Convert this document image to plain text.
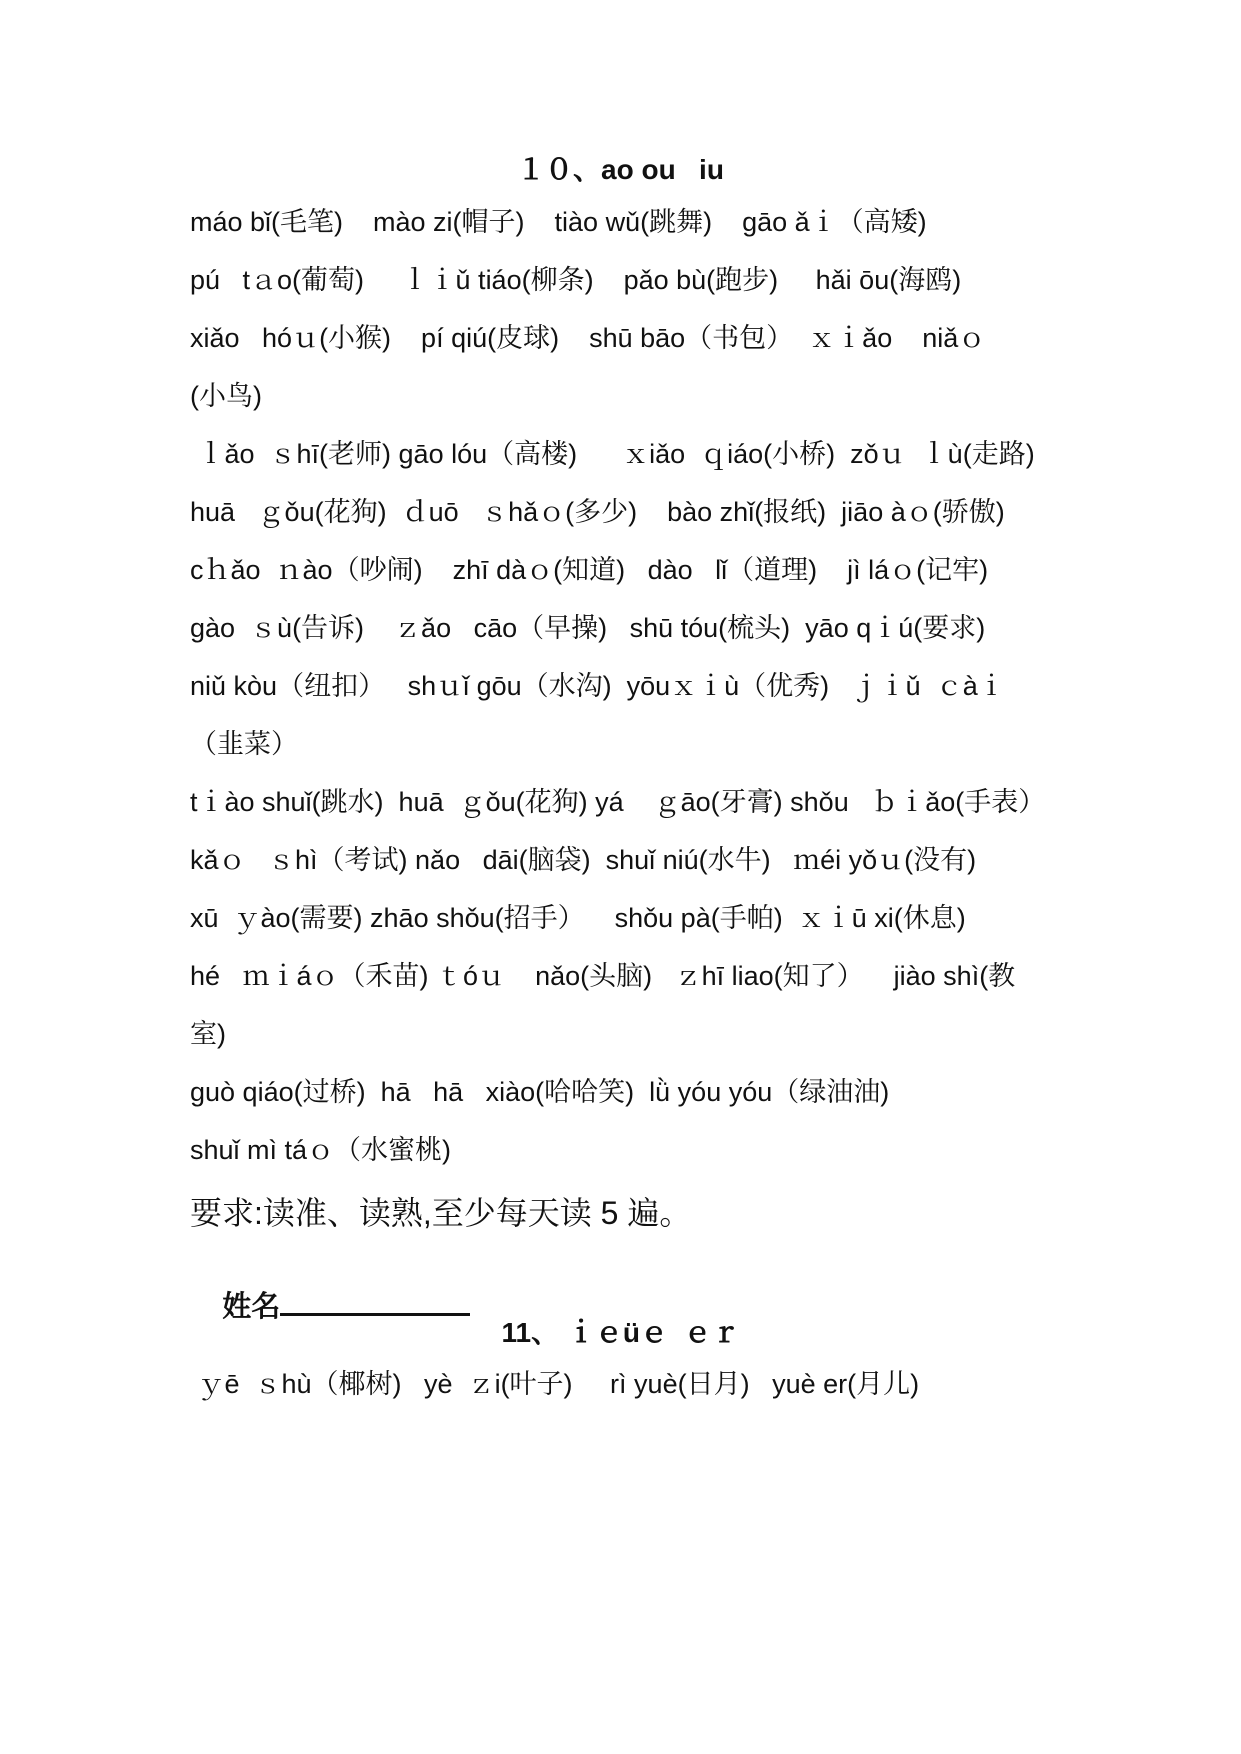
１０、ao ou   iu
máo bǐ(毛笔)    mào zi(帽子)    tiào wǔ(跳舞)    gāo ǎｉ（高矮)
pú   tａo(葡萄)     ｌｉǔ tiáo(柳条)    pǎo bù(跑步)     hǎi ōu(海鸥)
xiǎo   hóｕ(小猴)    pí qiú(皮球)    shū bāo（书包）  ｘｉǎo    niǎｏ
(小鸟)
ｌǎo  ｓhī(老师) gāo lóu（高楼)      ｘiǎo  ｑiáo(小桥)  zǒｕ  ｌù(走路)
huā   ｇǒu(花狗)  ｄuō   ｓhǎｏ(多少)    bào zhǐ(报纸)  jiāo àｏ(骄傲)
cｈǎo  ｎào（吵闹)    zhī dàｏ(知道)   dào   lǐ（道理)    jì láｏ(记牢)
gào  ｓù(告诉)    ｚǎo   cāo（早操)   shū tóu(梳头)  yāo qｉú(要求)
niǔ kòu（纽扣）   shｕǐ gōu（水沟)  yōuｘｉù（优秀)   ｊｉǔ  ｃàｉ
（韭菜）
tｉào shuǐ(跳水)  huā  ｇǒu(花狗) yá    ｇāo(牙膏) shǒu   ｂｉǎo(手表）
kǎｏ   ｓhì（考试) nǎo   dāi(脑袋)  shuǐ niú(水牛)   ｍéi yǒｕ(没有)
xū  ｙào(需要) zhāo shǒu(招手）    shǒu pà(手帕)  ｘｉū xi(休息)
hé   ｍｉáｏ（禾苗) ｔóｕ    nǎo(头脑)   ｚhī liao(知了）    jiào shì(教
室)
guò qiáo(过桥)  hā   hā   xiào(哈哈笑)  lǜ yóu yóu（绿油油)
shuǐ mì táｏ（水蜜桃)
要求:读准、读熟,至少每天读 5 遍。

姓名

11、 ｉｅüｅ  ｅｒ
ｙē  ｓhù（椰树)   yè  ｚi(叶子)     rì yuè(日月)   yuè er(月儿)
